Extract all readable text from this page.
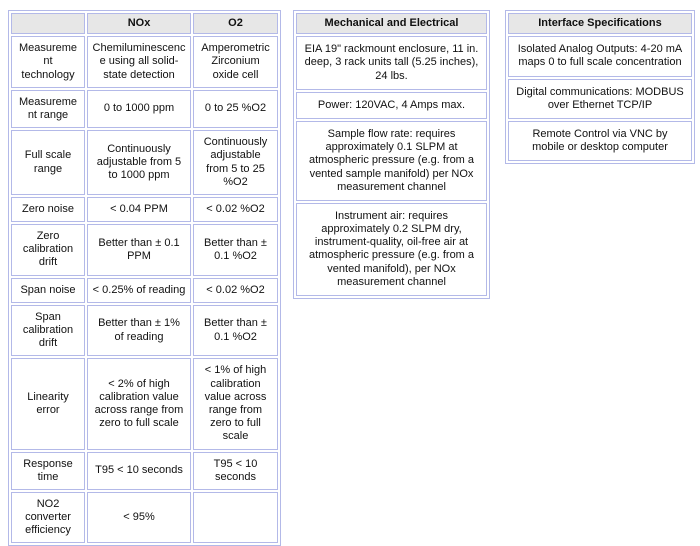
	NOx	O2
Measurement technology	Chemiluminescence using all solid-state detection	Amperometric Zirconium oxide cell
Measurement range	0 to 1000 ppm	0 to 25 %O2
Full scale range	Continuously adjustable from 5 to 1000 ppm	Continuously adjustable from 5 to 25 %O2
Zero noise	< 0.04 PPM	< 0.02 %O2
Zero calibration drift	Better than ± 0.1 PPM	Better than ± 0.1 %O2
Span noise	< 0.25% of reading	< 0.02 %O2
Span calibration drift	Better than ± 1% of reading	Better than ± 0.1 %O2
Linearity error	< 2% of high calibration value across range from zero to full scale	< 1% of high calibration value across range from zero to full scale
Response time	T95 < 10 seconds	T95 < 10 seconds
NO2 converter efficiency	< 95%	
Mechanical and Electrical
EIA 19" rackmount enclosure, 11 in. deep, 3 rack units tall (5.25 inches), 24 lbs.
Power: 120VAC, 4 Amps max.
Sample flow rate: requires approximately 0.1 SLPM at atmospheric pressure (e.g. from a vented sample manifold) per NOx measurement channel
Instrument air: requires approximately 0.2 SLPM dry, instrument-quality, oil-free air at atmospheric pressure (e.g. from a vented manifold), per NOx measurement channel
Interface Specifications
Isolated Analog Outputs: 4-20 mA maps 0 to full scale concentration
Digital communications: MODBUS over Ethernet TCP/IP
Remote Control via VNC by mobile or desktop computer
